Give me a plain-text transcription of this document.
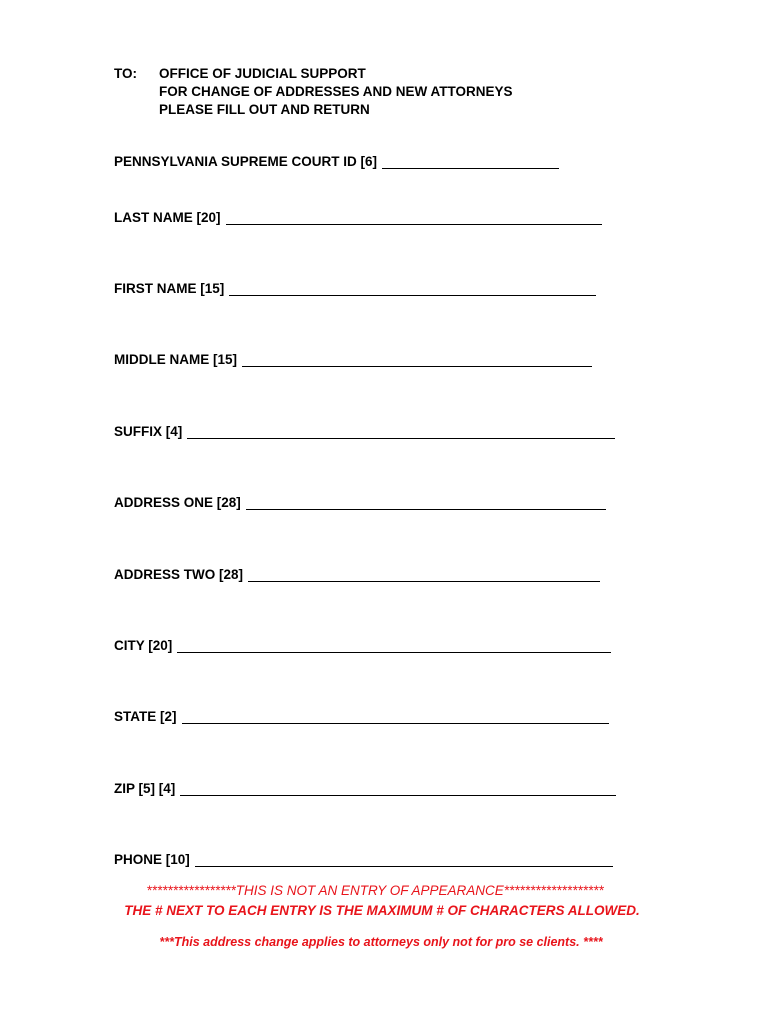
TO: OFFICE OF JUDICIAL SUPPORT
FOR CHANGE OF ADDRESSES AND NEW ATTORNEYS
PLEASE FILL OUT AND RETURN
PENNSYLVANIA SUPREME COURT ID [6]
LAST NAME [20]
FIRST NAME [15]
MIDDLE NAME [15]
SUFFIX [4]
ADDRESS ONE [28]
ADDRESS TWO [28]
CITY [20]
STATE [2]
ZIP [5] [4]
PHONE [10]
*****************THIS IS NOT AN ENTRY OF APPEARANCE*******************
THE # NEXT TO EACH ENTRY IS THE MAXIMUM # OF CHARACTERS ALLOWED.
***This address change applies to attorneys only not for pro se clients. ****
